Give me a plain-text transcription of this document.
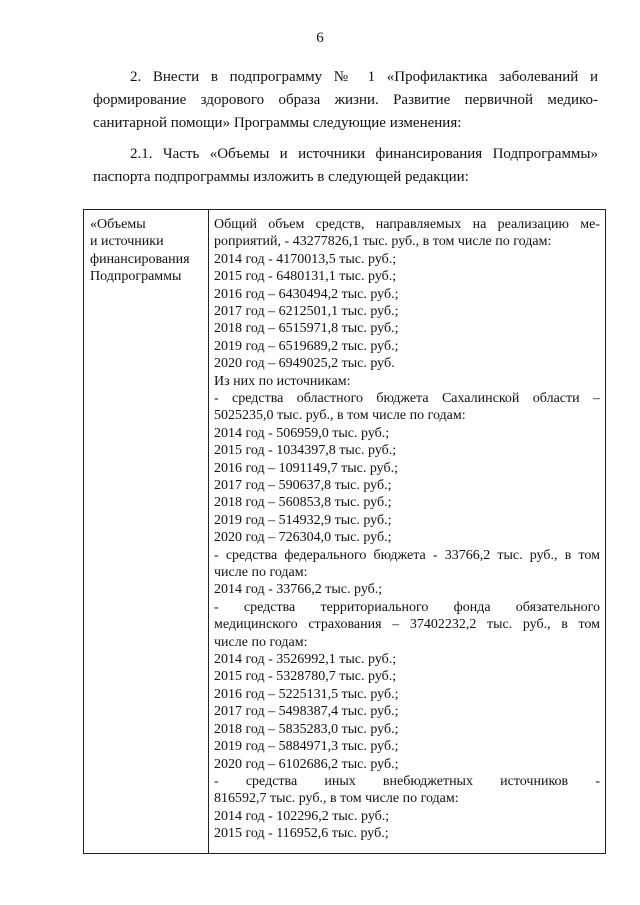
6
2. Внести в подпрограмму № 1 «Профилактика заболеваний и формирование здорового образа жизни. Развитие первичной медико-санитарной помощи» Программы следующие изменения:
2.1. Часть «Объемы и источники финансирования Подпрограммы» паспорта подпрограммы изложить в следующей редакции:
«Объемы
и источники
финансирования
Подпрограммы
Общий объем средств, направляемых на реализацию ме-
роприятий, - 43277826,1 тыс. руб., в том числе по годам:
2014 год - 4170013,5 тыс. руб.;
2015 год - 6480131,1 тыс. руб.;
2016 год – 6430494,2 тыс. руб.;
2017 год – 6212501,1 тыс. руб.;
2018 год – 6515971,8 тыс. руб.;
2019 год – 6519689,2 тыс. руб.;
2020 год – 6949025,2 тыс. руб.
Из них по источникам:
- средства областного бюджета Сахалинской области –
5025235,0 тыс. руб., в том числе по годам:
2014 год - 506959,0 тыс. руб.;
2015 год - 1034397,8 тыс. руб.;
2016 год – 1091149,7 тыс. руб.;
2017 год – 590637,8 тыс. руб.;
2018 год – 560853,8 тыс. руб.;
2019 год – 514932,9 тыс. руб.;
2020 год – 726304,0 тыс. руб.;
- средства федерального бюджета - 33766,2 тыс. руб., в том
числе по годам:
2014 год - 33766,2 тыс. руб.;
- средства территориального фонда обязательного
медицинского страхования – 37402232,2 тыс. руб., в том
числе по годам:
2014 год - 3526992,1 тыс. руб.;
2015 год - 5328780,7 тыс. руб.;
2016 год – 5225131,5 тыс. руб.;
2017 год – 5498387,4 тыс. руб.;
2018 год – 5835283,0 тыс. руб.;
2019 год – 5884971,3 тыс. руб.;
2020 год – 6102686,2 тыс. руб.;
- средства иных внебюджетных источников -
816592,7 тыс. руб., в том числе по годам:
2014 год - 102296,2 тыс. руб.;
2015 год - 116952,6 тыс. руб.;
